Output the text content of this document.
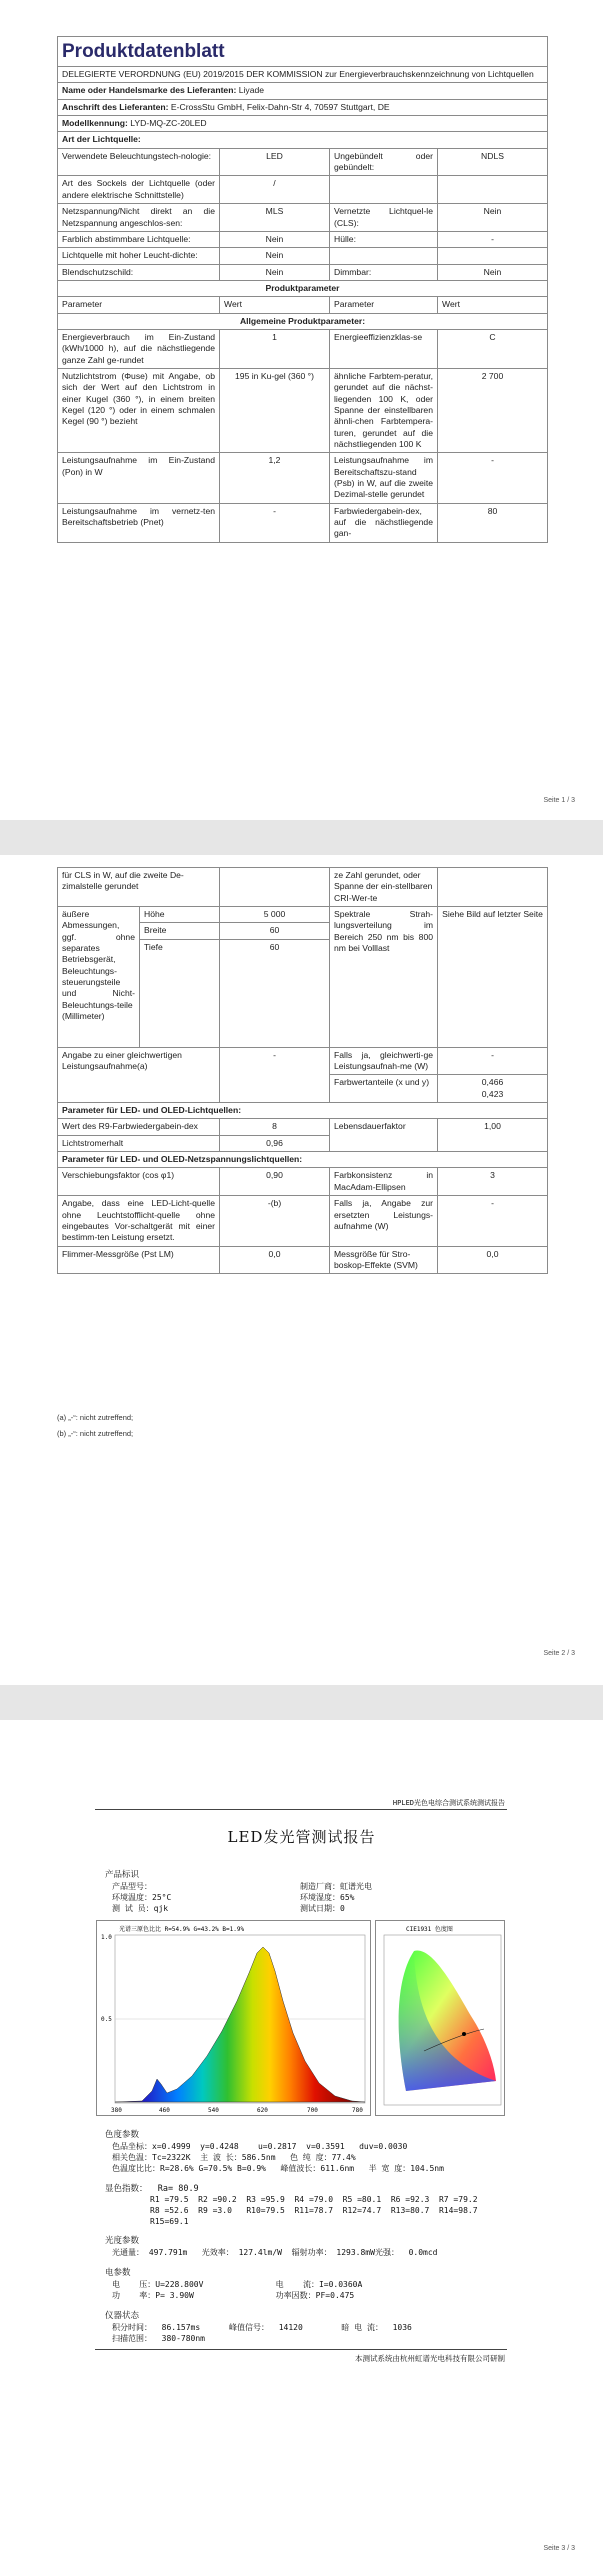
Produktdatenblatt			
DELEGIERTE VERORDNUNG (EU) 2019/2015 DER KOMMISSION zur Energieverbrauchskennzeichnung von Lichtquellen			
Name oder Handelsmarke des Lieferanten: Liyade			
Anschrift des Lieferanten: E-CrossStu GmbH, Felix-Dahn-Str 4, 70597 Stuttgart, DE			
Modellkennung: LYD-MQ-ZC-20LED			
Art der Lichtquelle:			
Verwendete Beleuchtungstech-nologie:	LED	Ungebündelt oder gebündelt:	NDLS
Art des Sockels der Lichtquelle (oder andere elektrische Schnittstelle)	/		
Netzspannung/Nicht direkt an die Netzspannung angeschlos-sen:	MLS	Vernetzte Lichtquel-le (CLS):	Nein
Farblich abstimmbare Lichtquelle:	Nein	Hülle:	-
Lichtquelle mit hoher Leucht-dichte:	Nein		
Blendschutzschild:	Nein	Dimmbar:	Nein
Produktparameter			
Parameter	Wert	Parameter	Wert
Allgemeine Produktparameter:			
Energieverbrauch im Ein-Zustand (kWh/1000 h), auf die nächstliegende ganze Zahl ge-rundet	1	Energieeffizienzklas-se	C
Nutzlichtstrom (Φuse) mit Angabe, ob sich der Wert auf den Lichtstrom in einer Kugel (360 °), in einem breiten Kegel (120 °) oder in einem schmalen Kegel (90 °) bezieht	195 in Ku-gel (360 °)	ähnliche Farbtem-peratur, gerundet auf die nächst-liegenden 100 K, oder Spanne der einstellbaren ähnli-chen Farbtempera-turen, gerundet auf die nächstliegenden 100 K	2 700
Leistungsaufnahme im Ein-Zustand (Pon) in W	1,2	Leistungsaufnahme im Bereitschaftszu-stand (Psb) in W, auf die zweite Dezimal-stelle gerundet	-
Leistungsaufnahme im vernetz-ten Bereitschaftsbetrieb (Pnet)	-	Farbwiedergabein-dex, auf die nächstliegende gan-	80
Seite 1 / 3
für CLS in W, auf die zweite De-zimalstelle gerundet			ze Zahl gerundet, oder Spanne der ein-stellbaren CRI-Wer-te	
äußere Abmessungen, ggf. ohne separates Betriebsgerät, Beleuchtungs-steuerungsteile und Nicht-Beleuchtungs-teile (Millimeter)	Höhe	5 000	Spektrale Strah-lungsverteilung im Bereich 250 nm bis 800 nm bei Volllast	Siehe Bild auf letzter Seite
	Breite	60		
	Tiefe	60		
Angabe zu einer gleichwertigen Leistungsaufnahme(a)		-	Falls ja, gleichwerti-ge Leistungsaufnah-me (W)	-
			Farbwertanteile (x und y)	0,466
0,423

Parameter für LED- und OLED-Lichtquellen:				
Wert des R9-Farbwiedergabein-dex		8	Lebensdauerfaktor	1,00
Lichtstromerhalt		0,96		
Parameter für LED- und OLED-Netzspannungslichtquellen:				
Verschiebungsfaktor (cos φ1)		0,90	Farbkonsistenz in MacAdam-Ellipsen	3
Angabe, dass eine LED-Licht-quelle ohne Leuchtstofflicht-quelle ohne eingebautes Vor-schaltgerät mit einer bestimm-ten Leistung ersetzt.		-(b)	Falls ja, Angabe zur ersetzten Leistungs-aufnahme (W)	-
Flimmer-Messgröße (Pst LM)		0,0	Messgröße für Stro-boskop-Effekte (SVM)	0,0
(a) „-“: nicht zutreffend;
(b) „-“: nicht zutreffend;
Seite 2 / 3
HPLED光色电综合测试系统测试报告
LED发光管测试报告
产品标识
产品型号：	制造厂商：虹谱光电
环境温度：25°C	环境湿度：65%
测 试 员：qjk	测试日期：0
光谱三原色比比 R=54.9% G=43.2% B=1.9%
1.0
0.5
380	460	540	620	700	780
CIE1931 色度图
色度参数
色品坐标：x=0.4999  y=0.4248    u=0.2817  v=0.3591   duv=0.0030
相关色温：Tc=2322K  主 波 长：586.5nm   色 纯 度：77.4%
色温度比比：R=28.6% G=70.5% B=0.9%   峰值波长：611.6nm   半 宽 度：104.5nm
显色指数：  Ra= 80.9
R1 =79.5  R2 =90.2  R3 =95.9  R4 =79.0  R5 =80.1  R6 =92.3  R7 =79.2
R8 =52.6  R9 =3.0   R10=79.5  R11=78.7  R12=74.7  R13=80.7  R14=98.7
R15=69.1
光度参数
光通量： 497.791m   光效率： 127.4lm/W  辐射功率： 1293.8mW光强：  0.0mcd
电参数
电    压：U=228.800V               电    流：I=0.0360A
功    率：P= 3.90W                 功率因数：PF=0.475
仪器状态
积分时间：  86.157ms      峰值信号：  14120        暗 电 流：  1036
扫描范围：  380-780nm
本测试系统由杭州虹谱光电科技有限公司研制
Seite 3 / 3
